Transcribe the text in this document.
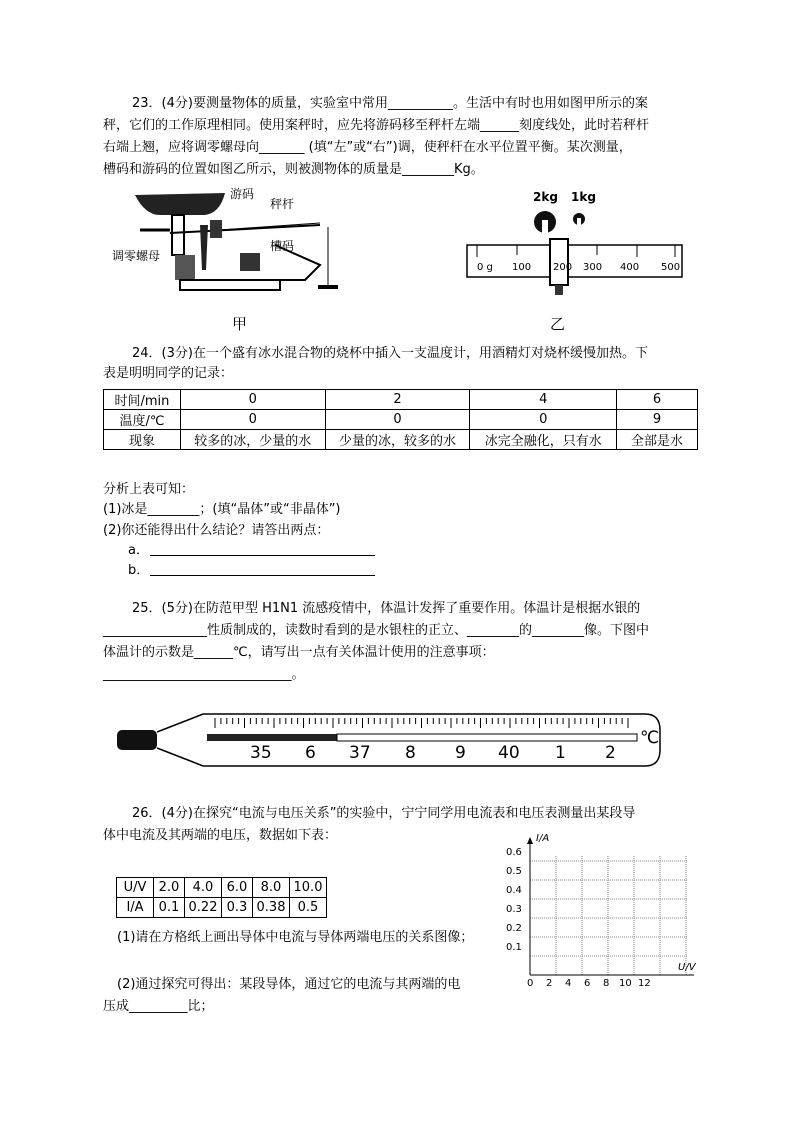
23．(4分)要测量物体的质量，实验室中常用__________。生活中有时也用如图甲所示的案
秤，它们的工作原理相同。使用案秤时，应先将游码移至秤杆左端______刻度线处，此时若秤杆
右端上翘，应将调零螺母向_______ (填“左”或“右”)调，使秤杆在水平位置平衡。某次测量，
槽码和游码的位置如图乙所示，则被测物体的质量是________Kg。
游码
秤杆
调零螺母
槽码
甲
2kg 1kg
0 g 100 200 300 400 500
乙
24．(3分)在一个盛有冰水混合物的烧杯中插入一支温度计，用酒精灯对烧杯缓慢加热。下
表是明明同学的记录：
时间/min	0	2	4	6
温度/℃	0	0	0	9
现象	较多的冰，少量的水	少量的冰，较多的水	冰完全融化，只有水	全部是水
分析上表可知：
(1)冰是________；(填“晶体”或“非晶体”)
(2)你还能得出什么结论？请答出两点：
a．
b．
25．(5分)在防范甲型 H1N1 流感疫情中，体温计发挥了重要作用。体温计是根据水银的
________________性质制成的，读数时看到的是水银柱的正立、________的________像。下图中
体温计的示数是______℃，请写出一点有关体温计使用的注意事项：
_____________________________。
35 6 37 8 9 40 1 2
℃
26．(4分)在探究“电流与电压关系”的实验中，宁宁同学用电流表和电压表测量出某段导
体中电流及其两端的电压，数据如下表：
U/V	2.0	4.0	6.0	8.0	10.0
I/A	0.1	0.22	0.3	0.38	0.5
(1)请在方格纸上画出导体中电流与导体两端电压的关系图像；
(2)通过探究可得出：某段导体，通过它的电流与其两端的电
压成_________比；
I/A
U/V
0.6
0.5
0.4
0.3
0.2
0.1
0 2 4 6 8 10 12
